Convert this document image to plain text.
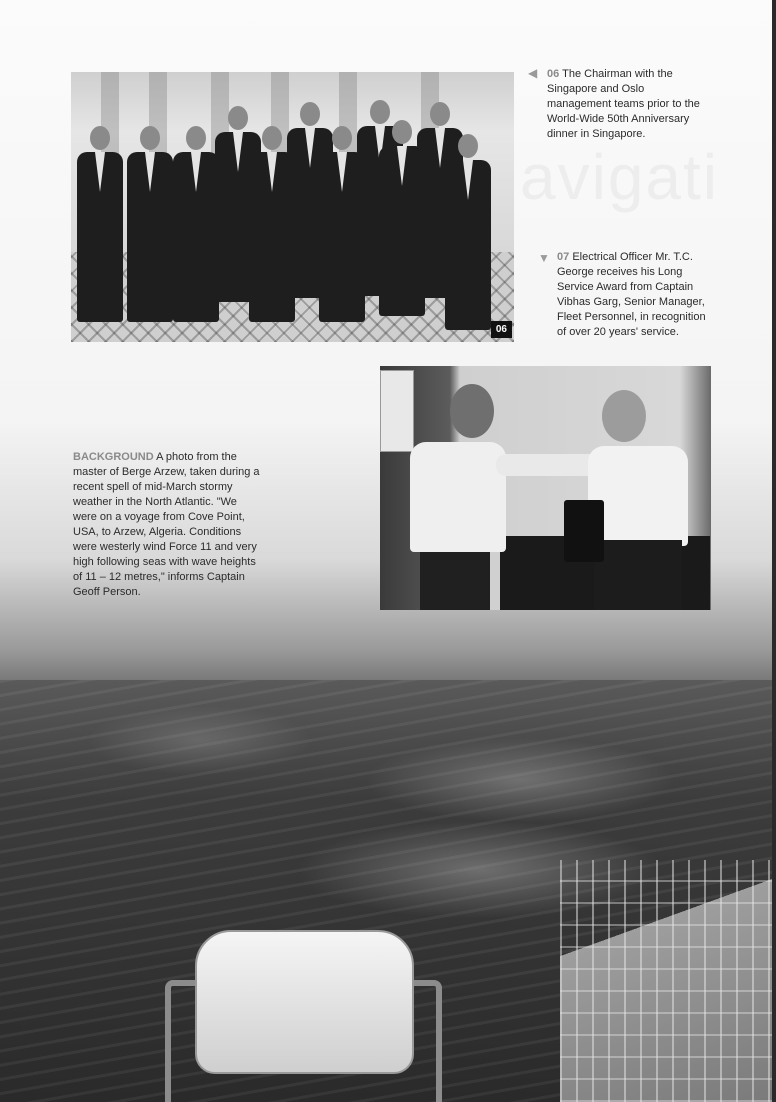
avigati
06
◀ 06 The Chairman with the Singapore and Oslo management teams prior to the World-Wide 50th Anniversary dinner in Singapore.
▼ 07 Electrical Officer Mr. T.C. George receives his Long Service Award from Captain Vibhas Garg, Senior Manager, Fleet Personnel, in recognition of over 20 years' service.
BACKGROUND A photo from the master of Berge Arzew, taken during a recent spell of mid-March stormy weather in the North Atlantic. "We were on a voyage from Cove Point, USA, to Arzew, Algeria. Conditions were westerly wind Force 11 and very high following seas with wave heights of 11 – 12 metres," informs Captain Geoff Person.
